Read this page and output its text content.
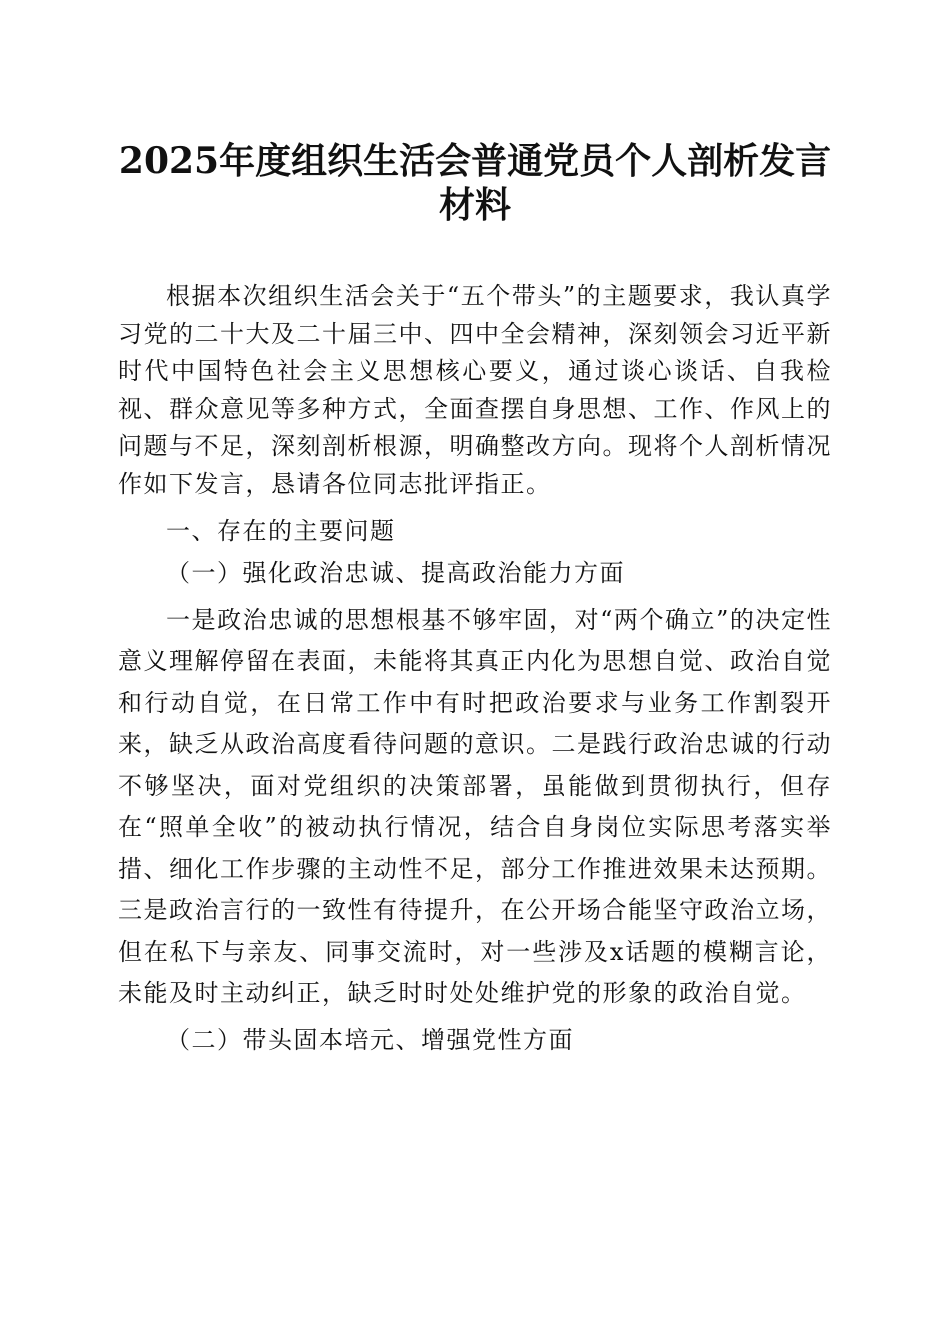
2025年度组织生活会普通党员个人剖析发言材料

根据本次组织生活会关于“五个带头”的主题要求，我认真学习党的二十大及二十届三中、四中全会精神，深刻领会习近平新时代中国特色社会主义思想核心要义，通过谈心谈话、自我检视、群众意见等多种方式，全面查摆自身思想、工作、作风上的问题与不足，深刻剖析根源，明确整改方向。现将个人剖析情况作如下发言，恳请各位同志批评指正。

一、存在的主要问题

（一）强化政治忠诚、提高政治能力方面

一是政治忠诚的思想根基不够牢固，对“两个确立”的决定性意义理解停留在表面，未能将其真正内化为思想自觉、政治自觉和行动自觉，在日常工作中有时把政治要求与业务工作割裂开来，缺乏从政治高度看待问题的意识。二是践行政治忠诚的行动不够坚决，面对党组织的决策部署，虽能做到贯彻执行，但存在“照单全收”的被动执行情况，结合自身岗位实际思考落实举措、细化工作步骤的主动性不足，部分工作推进效果未达预期。三是政治言行的一致性有待提升，在公开场合能坚守政治立场，但在私下与亲友、同事交流时，对一些涉及x话题的模糊言论，未能及时主动纠正，缺乏时时处处维护党的形象的政治自觉。

（二）带头固本培元、增强党性方面
